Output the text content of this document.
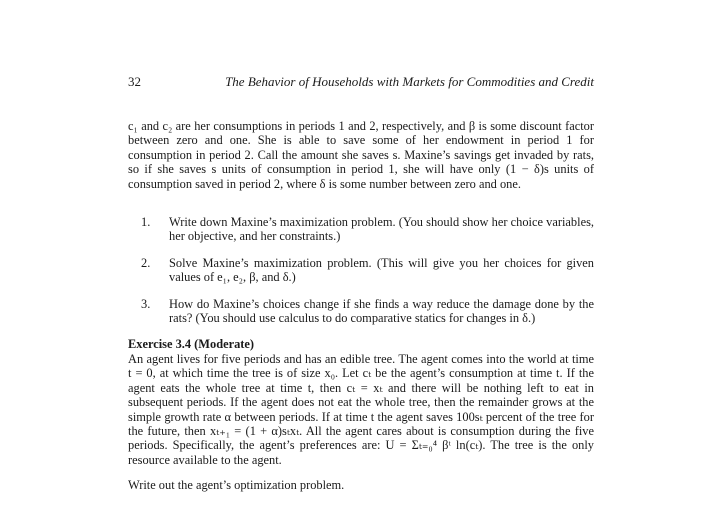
32	The Behavior of Households with Markets for Commodities and Credit

c₁ and c₂ are her consumptions in periods 1 and 2, respectively, and β is some discount factor between zero and one. She is able to save some of her endowment in period 1 for consumption in period 2. Call the amount she saves s. Maxine’s savings get invaded by rats, so if she saves s units of consumption in period 1, she will have only (1 − δ)s units of consumption saved in period 2, where δ is some number between zero and one.

1. Write down Maxine’s maximization problem. (You should show her choice variables, her objective, and her constraints.)
2. Solve Maxine’s maximization problem. (This will give you her choices for given values of e₁, e₂, β, and δ.)
3. How do Maxine’s choices change if she finds a way reduce the damage done by the rats? (You should use calculus to do comparative statics for changes in δ.)

Exercise 3.4 (Moderate)

An agent lives for five periods and has an edible tree. The agent comes into the world at time t = 0, at which time the tree is of size x₀. Let cₜ be the agent’s consumption at time t. If the agent eats the whole tree at time t, then cₜ = xₜ and there will be nothing left to eat in subsequent periods. If the agent does not eat the whole tree, then the remainder grows at the simple growth rate α between periods. If at time t the agent saves 100sₜ percent of the tree for the future, then xₜ₊₁ = (1 + α)sₜxₜ. All the agent cares about is consumption during the five periods. Specifically, the agent’s preferences are: U = Σₜ₌₀⁴ βᵗ ln(cₜ). The tree is the only resource available to the agent.

Write out the agent’s optimization problem.
